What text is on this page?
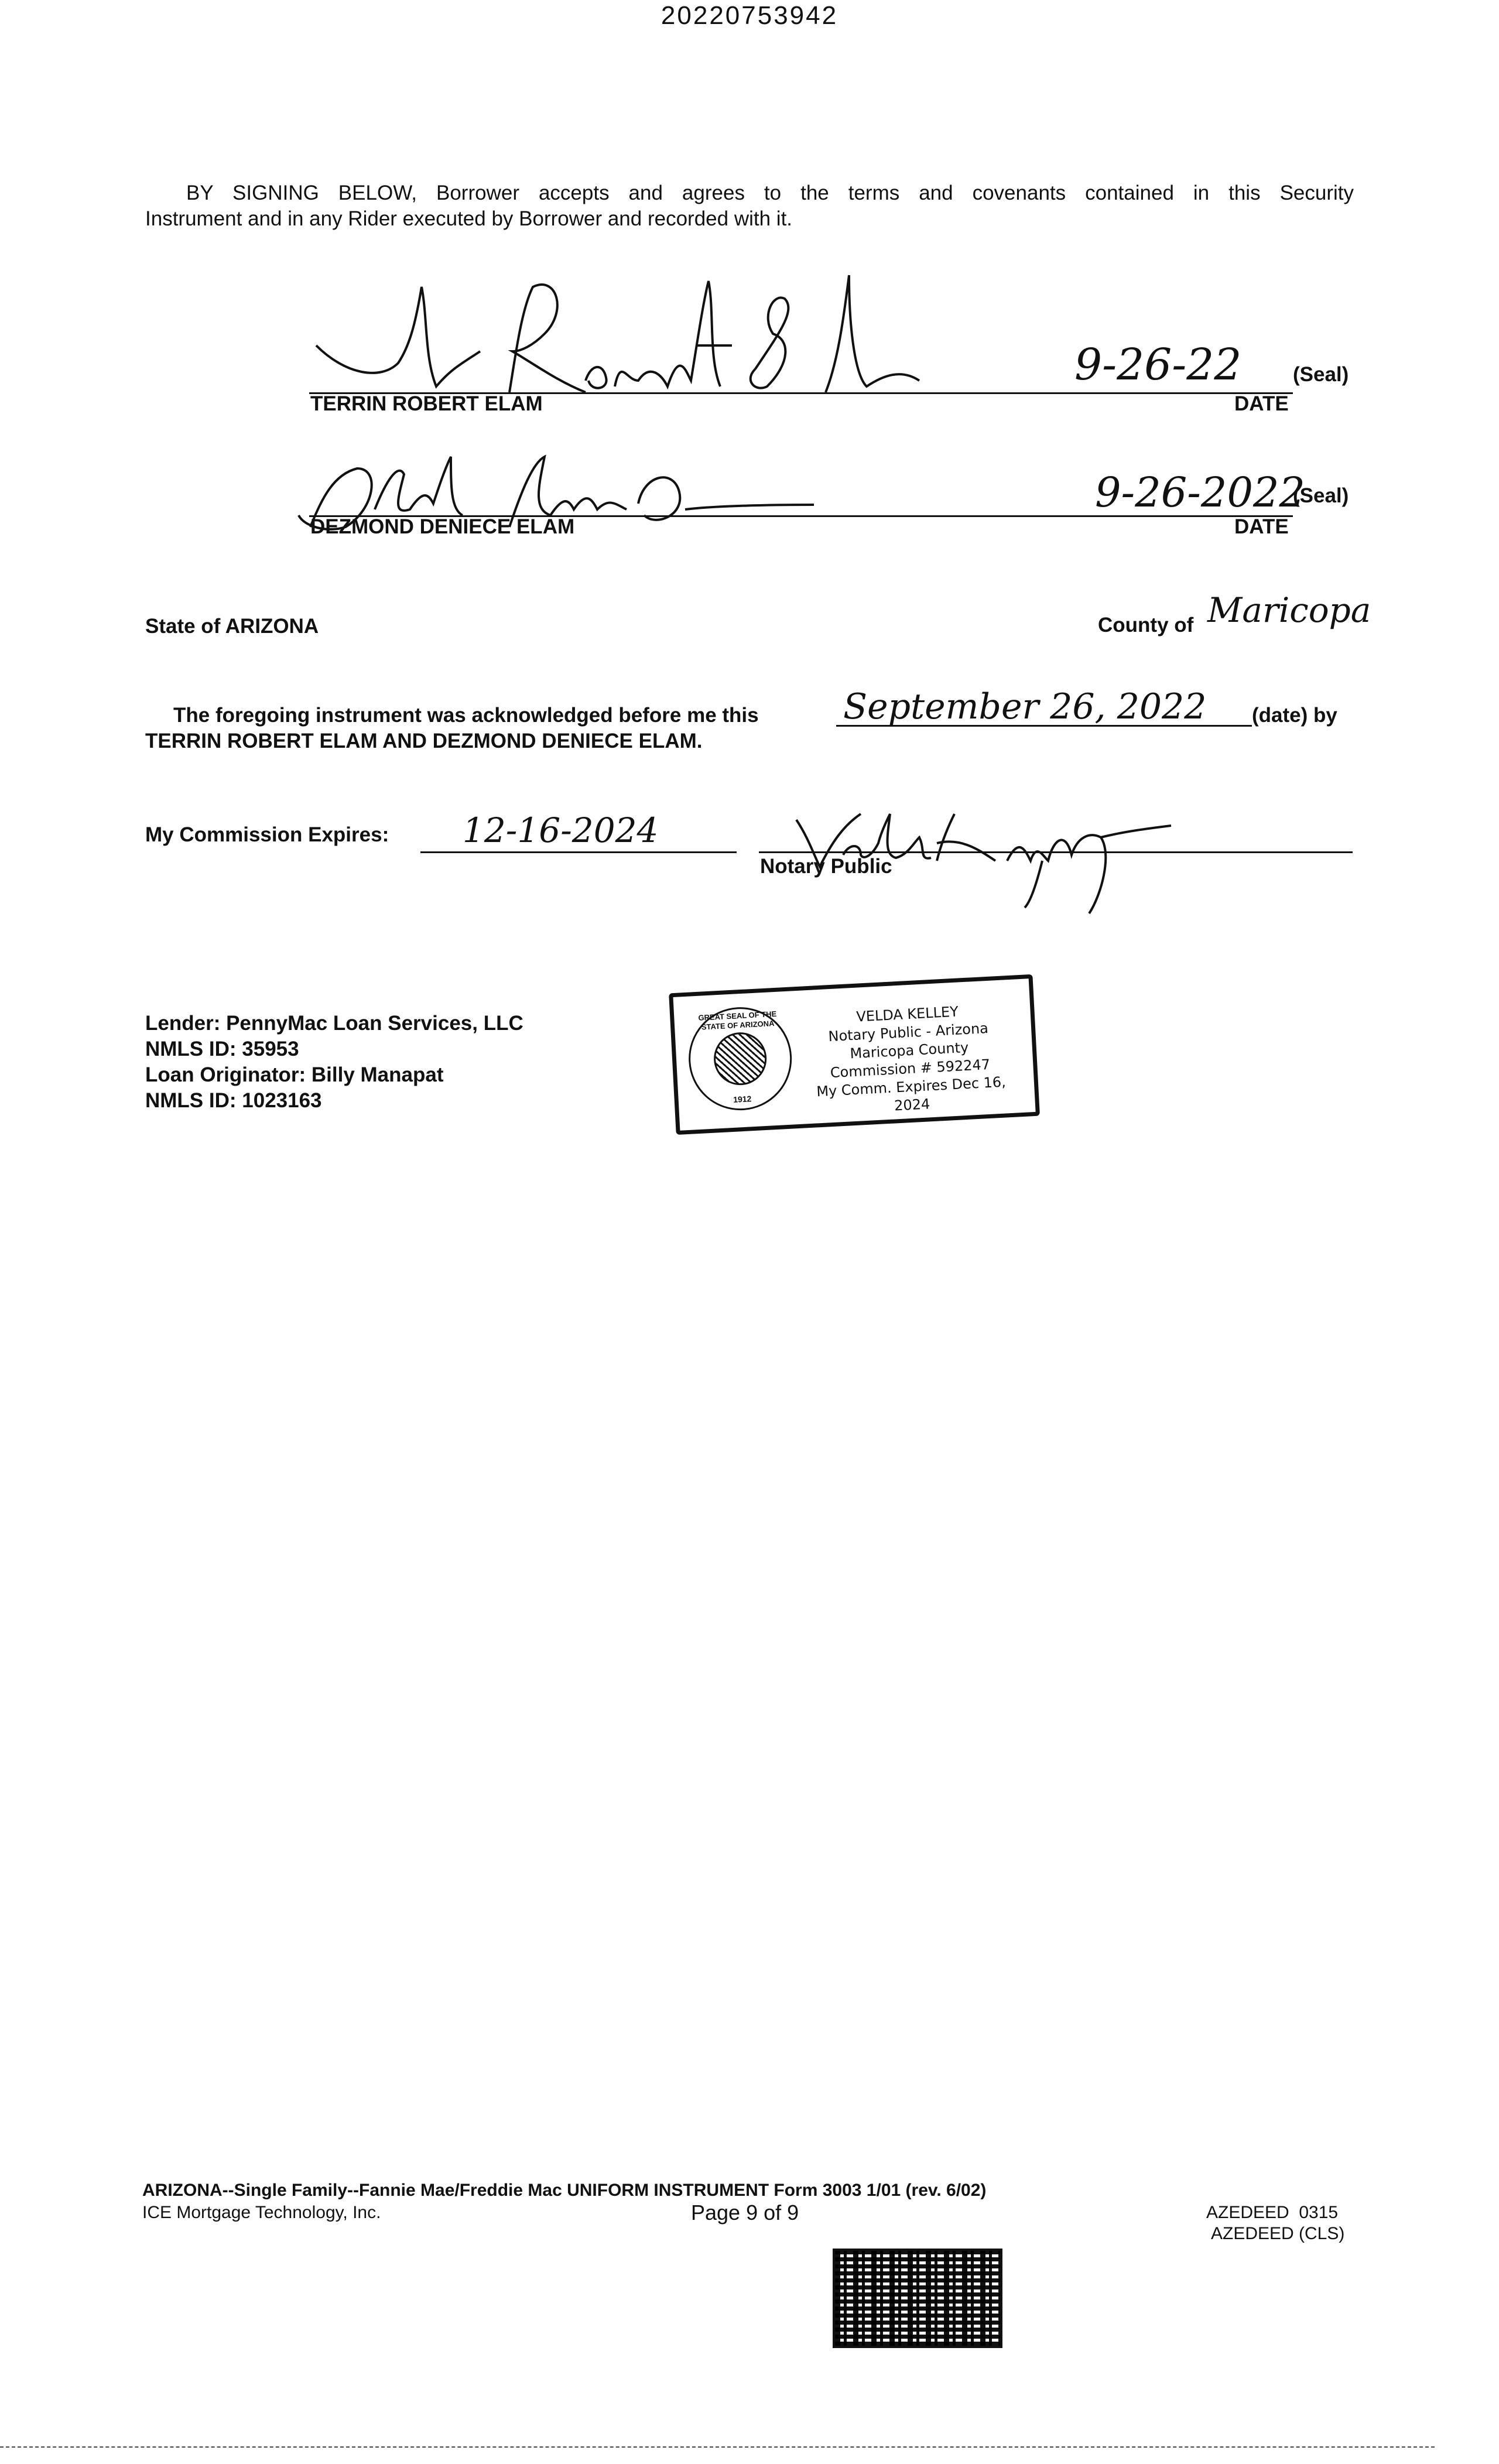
20220753942
BY SIGNING BELOW, Borrower accepts and agrees to the terms and covenants contained in this Security
Instrument and in any Rider executed by Borrower and recorded with it.
9-26-22	(Seal)
TERRIN ROBERT ELAM	DATE
9-26-2022
(Seal)
DEZMOND DENIECE ELAM	DATE
State of ARIZONA	County of Maricopa
The foregoing instrument was acknowledged before me this September 26, 2022 (date) by
TERRIN ROBERT ELAM AND DEZMOND DENIECE ELAM.
My Commission Expires: 12-16-2024
Notary Public
Lender: PennyMac Loan Services, LLC
NMLS ID: 35953
Loan Originator: Billy Manapat
NMLS ID: 1023163
GREAT SEAL OF THE STATE OF ARIZONA
1912
VELDA KELLEY
Notary Public - Arizona
Maricopa County
Commission # 592247
My Comm. Expires Dec 16, 2024
ARIZONA--Single Family--Fannie Mae/Freddie Mac UNIFORM INSTRUMENT Form 3003 1/01 (rev. 6/02)
ICE Mortgage Technology, Inc.	Page 9 of 9	AZEDEED  0315
AZEDEED (CLS)
